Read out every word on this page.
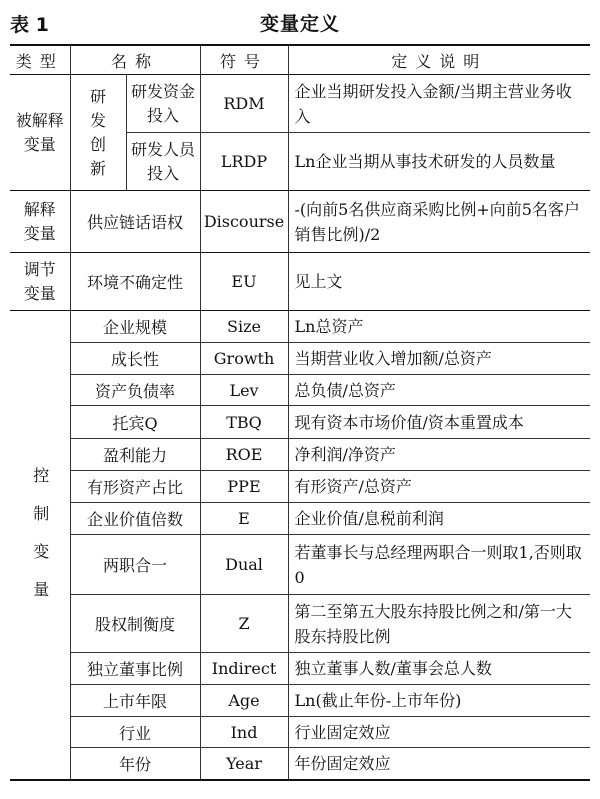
表 1	变量定义
类型	名称		符号	定义说明
被解释变量	研发创新	研发资金投入	RDM	企业当期研发投入金额/当期主营业务收入
		研发人员投入	LRDP	Ln企业当期从事技术研发的人员数量
解释变量	供应链话语权		Discourse	-(向前5名供应商采购比例+向前5名客户销售比例)/2
调节变量	环境不确定性		EU	见上文
控制变量	企业规模		Size	Ln总资产
	成长性		Growth	当期营业收入增加额/总资产
	资产负债率		Lev	总负债/总资产
	托宾Q		TBQ	现有资本市场价值/资本重置成本
	盈利能力		ROE	净利润/净资产
	有形资产占比		PPE	有形资产/总资产
	企业价值倍数		E	企业价值/息税前利润
	两职合一		Dual	若董事长与总经理两职合一则取1,否则取0
	股权制衡度		Z	第二至第五大股东持股比例之和/第一大股东持股比例
	独立董事比例		Indirect	独立董事人数/董事会总人数
	上市年限		Age	Ln(截止年份-上市年份)
	行业		Ind	行业固定效应
	年份		Year	年份固定效应
